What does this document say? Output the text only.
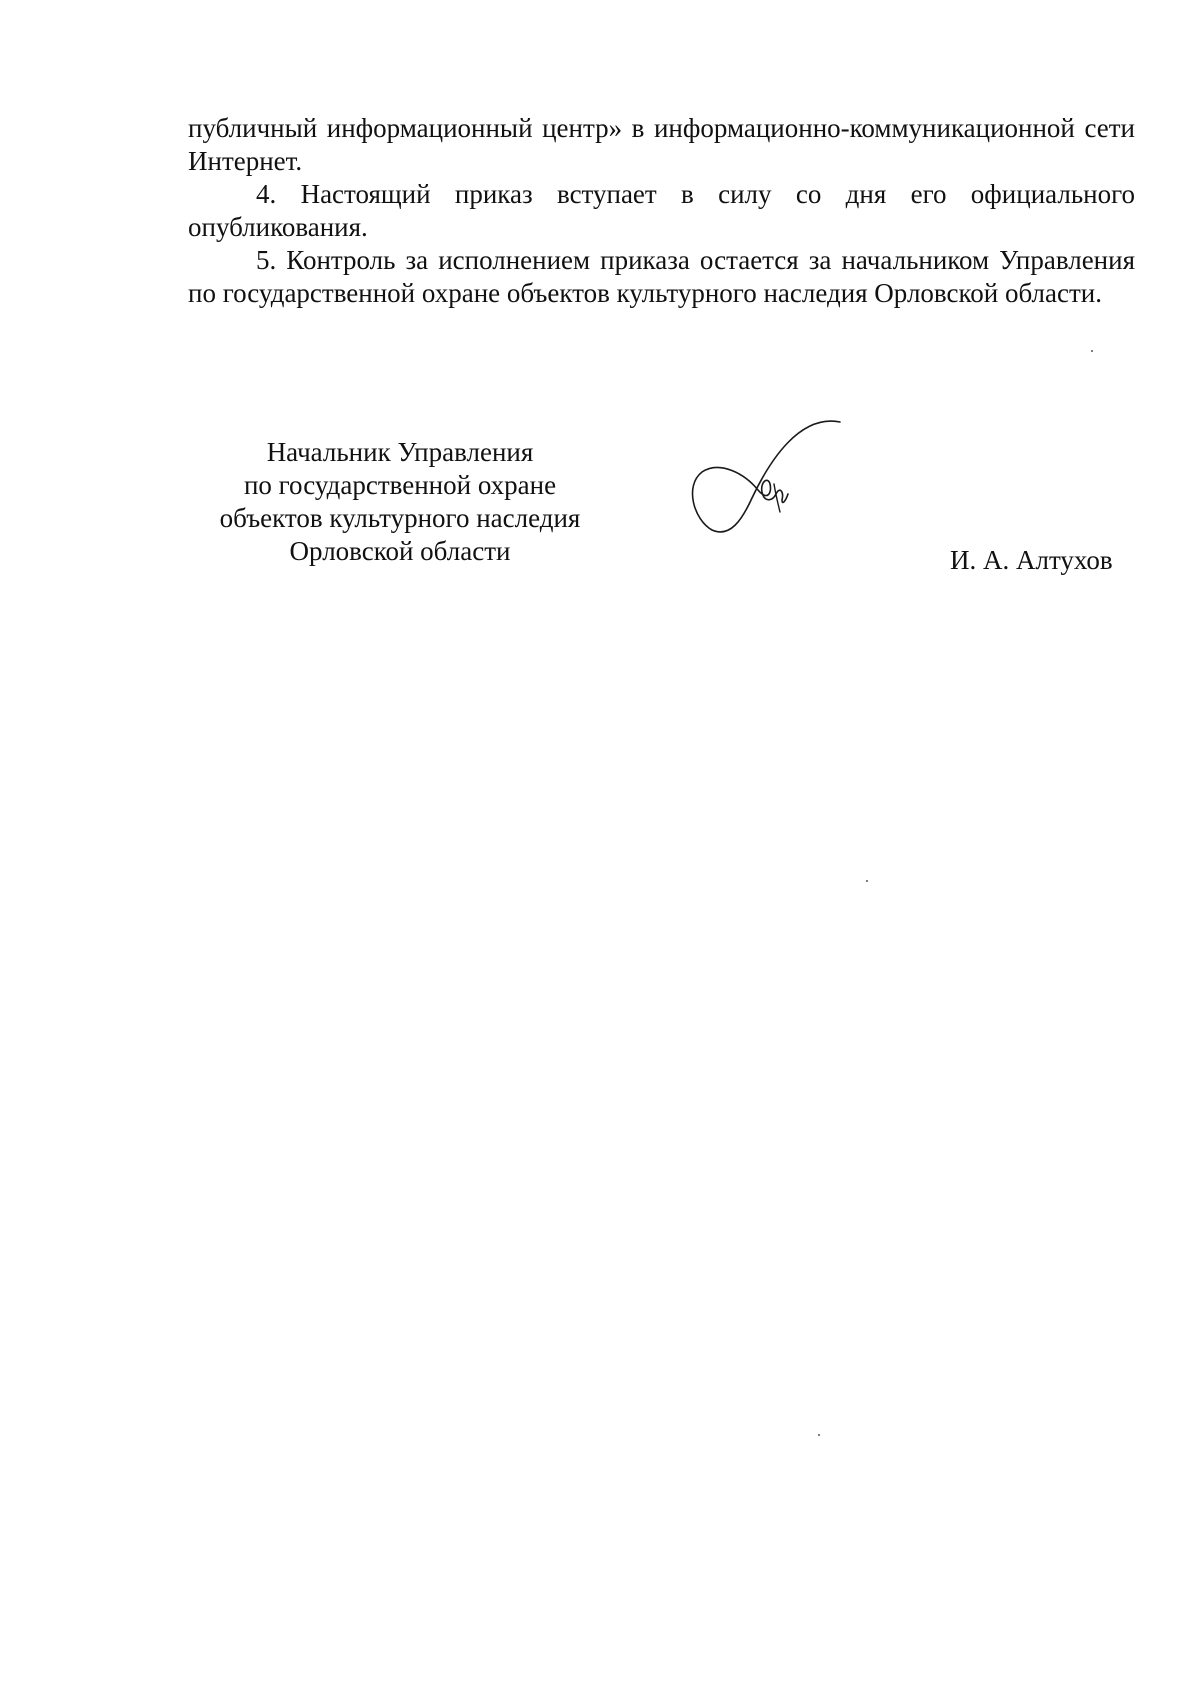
публичный информационный центр» в информационно-коммуникационной сети Интернет.

4. Настоящий приказ вступает в силу со дня его официального опубликования.

5. Контроль за исполнением приказа остается за начальником Управления по государственной охране объектов культурного наследия Орловской области.

Начальник Управления
по государственной охране
объектов культурного наследия
Орловской области	И. А. Алтухов
